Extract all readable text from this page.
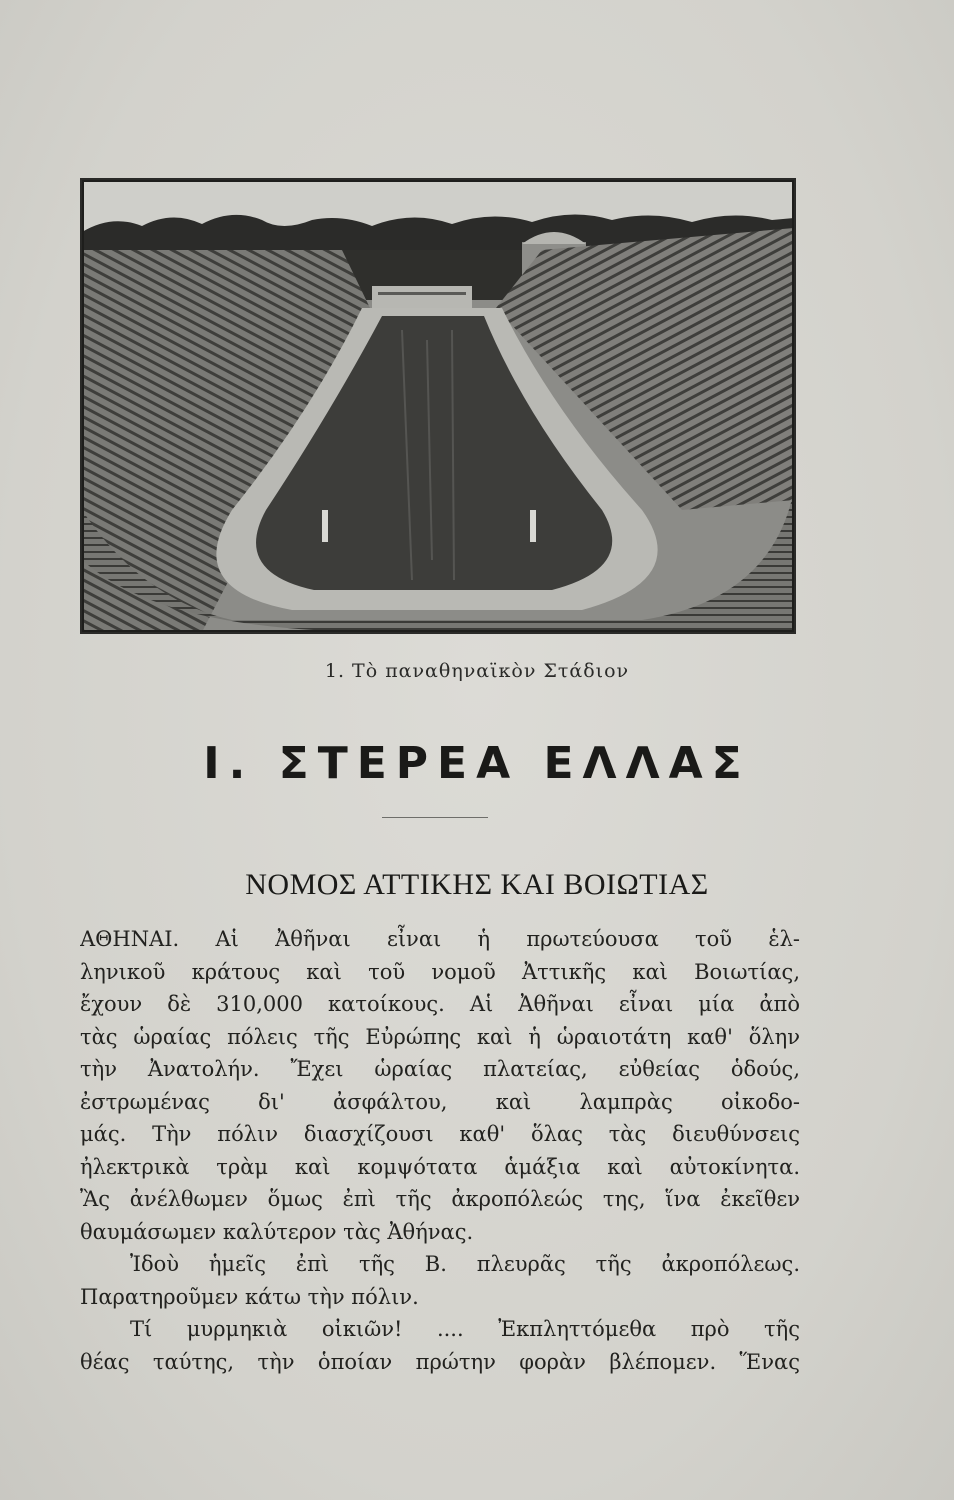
1. Τὸ παναθηναϊκὸν Στάδιον
I. ΣΤΕΡΕΑ ΕΛΛΑΣ
ΝΟΜΟΣ ΑΤΤΙΚΗΣ ΚΑΙ ΒΟΙΩΤΙΑΣ
ΑΘΗΝΑΙ. Αἱ Ἀθῆναι εἶναι ἡ πρωτεύουσα τοῦ ἑλ-
ληνικοῦ κράτους καὶ τοῦ νομοῦ Ἀττικῆς καὶ Βοιωτίας,
ἔχουν δὲ 310,000 κατοίκους. Αἱ Ἀθῆναι εἶναι μία ἀπὸ
τὰς ὡραίας πόλεις τῆς Εὐρώπης καὶ ἡ ὡραιοτάτη καθ' ὅλην
τὴν Ἀνατολήν. Ἔχει ὡραίας πλατείας, εὐθείας ὁδούς,
ἐστρωμένας δι' ἀσφάλτου, καὶ λαμπρὰς οἰκοδο-
μάς. Τὴν πόλιν διασχίζουσι καθ' ὅλας τὰς διευθύνσεις
ἠλεκτρικὰ τρὰμ καὶ κομψότατα ἁμάξια καὶ αὐτοκίνητα.
Ἂς ἀνέλθωμεν ὅμως ἐπὶ τῆς ἀκροπόλεώς της, ἵνα ἐκεῖθεν
θαυμάσωμεν καλύτερον τὰς Ἀθήνας.
Ἰδοὺ ἡμεῖς ἐπὶ τῆς Β. πλευρᾶς τῆς ἀκροπόλεως.
Παρατηροῦμεν κάτω τὴν πόλιν.
Τί μυρμηκιὰ οἰκιῶν! .... Ἐκπληττόμεθα πρὸ τῆς
θέας ταύτης, τὴν ὁποίαν πρώτην φορὰν βλέπομεν. Ἕνας
